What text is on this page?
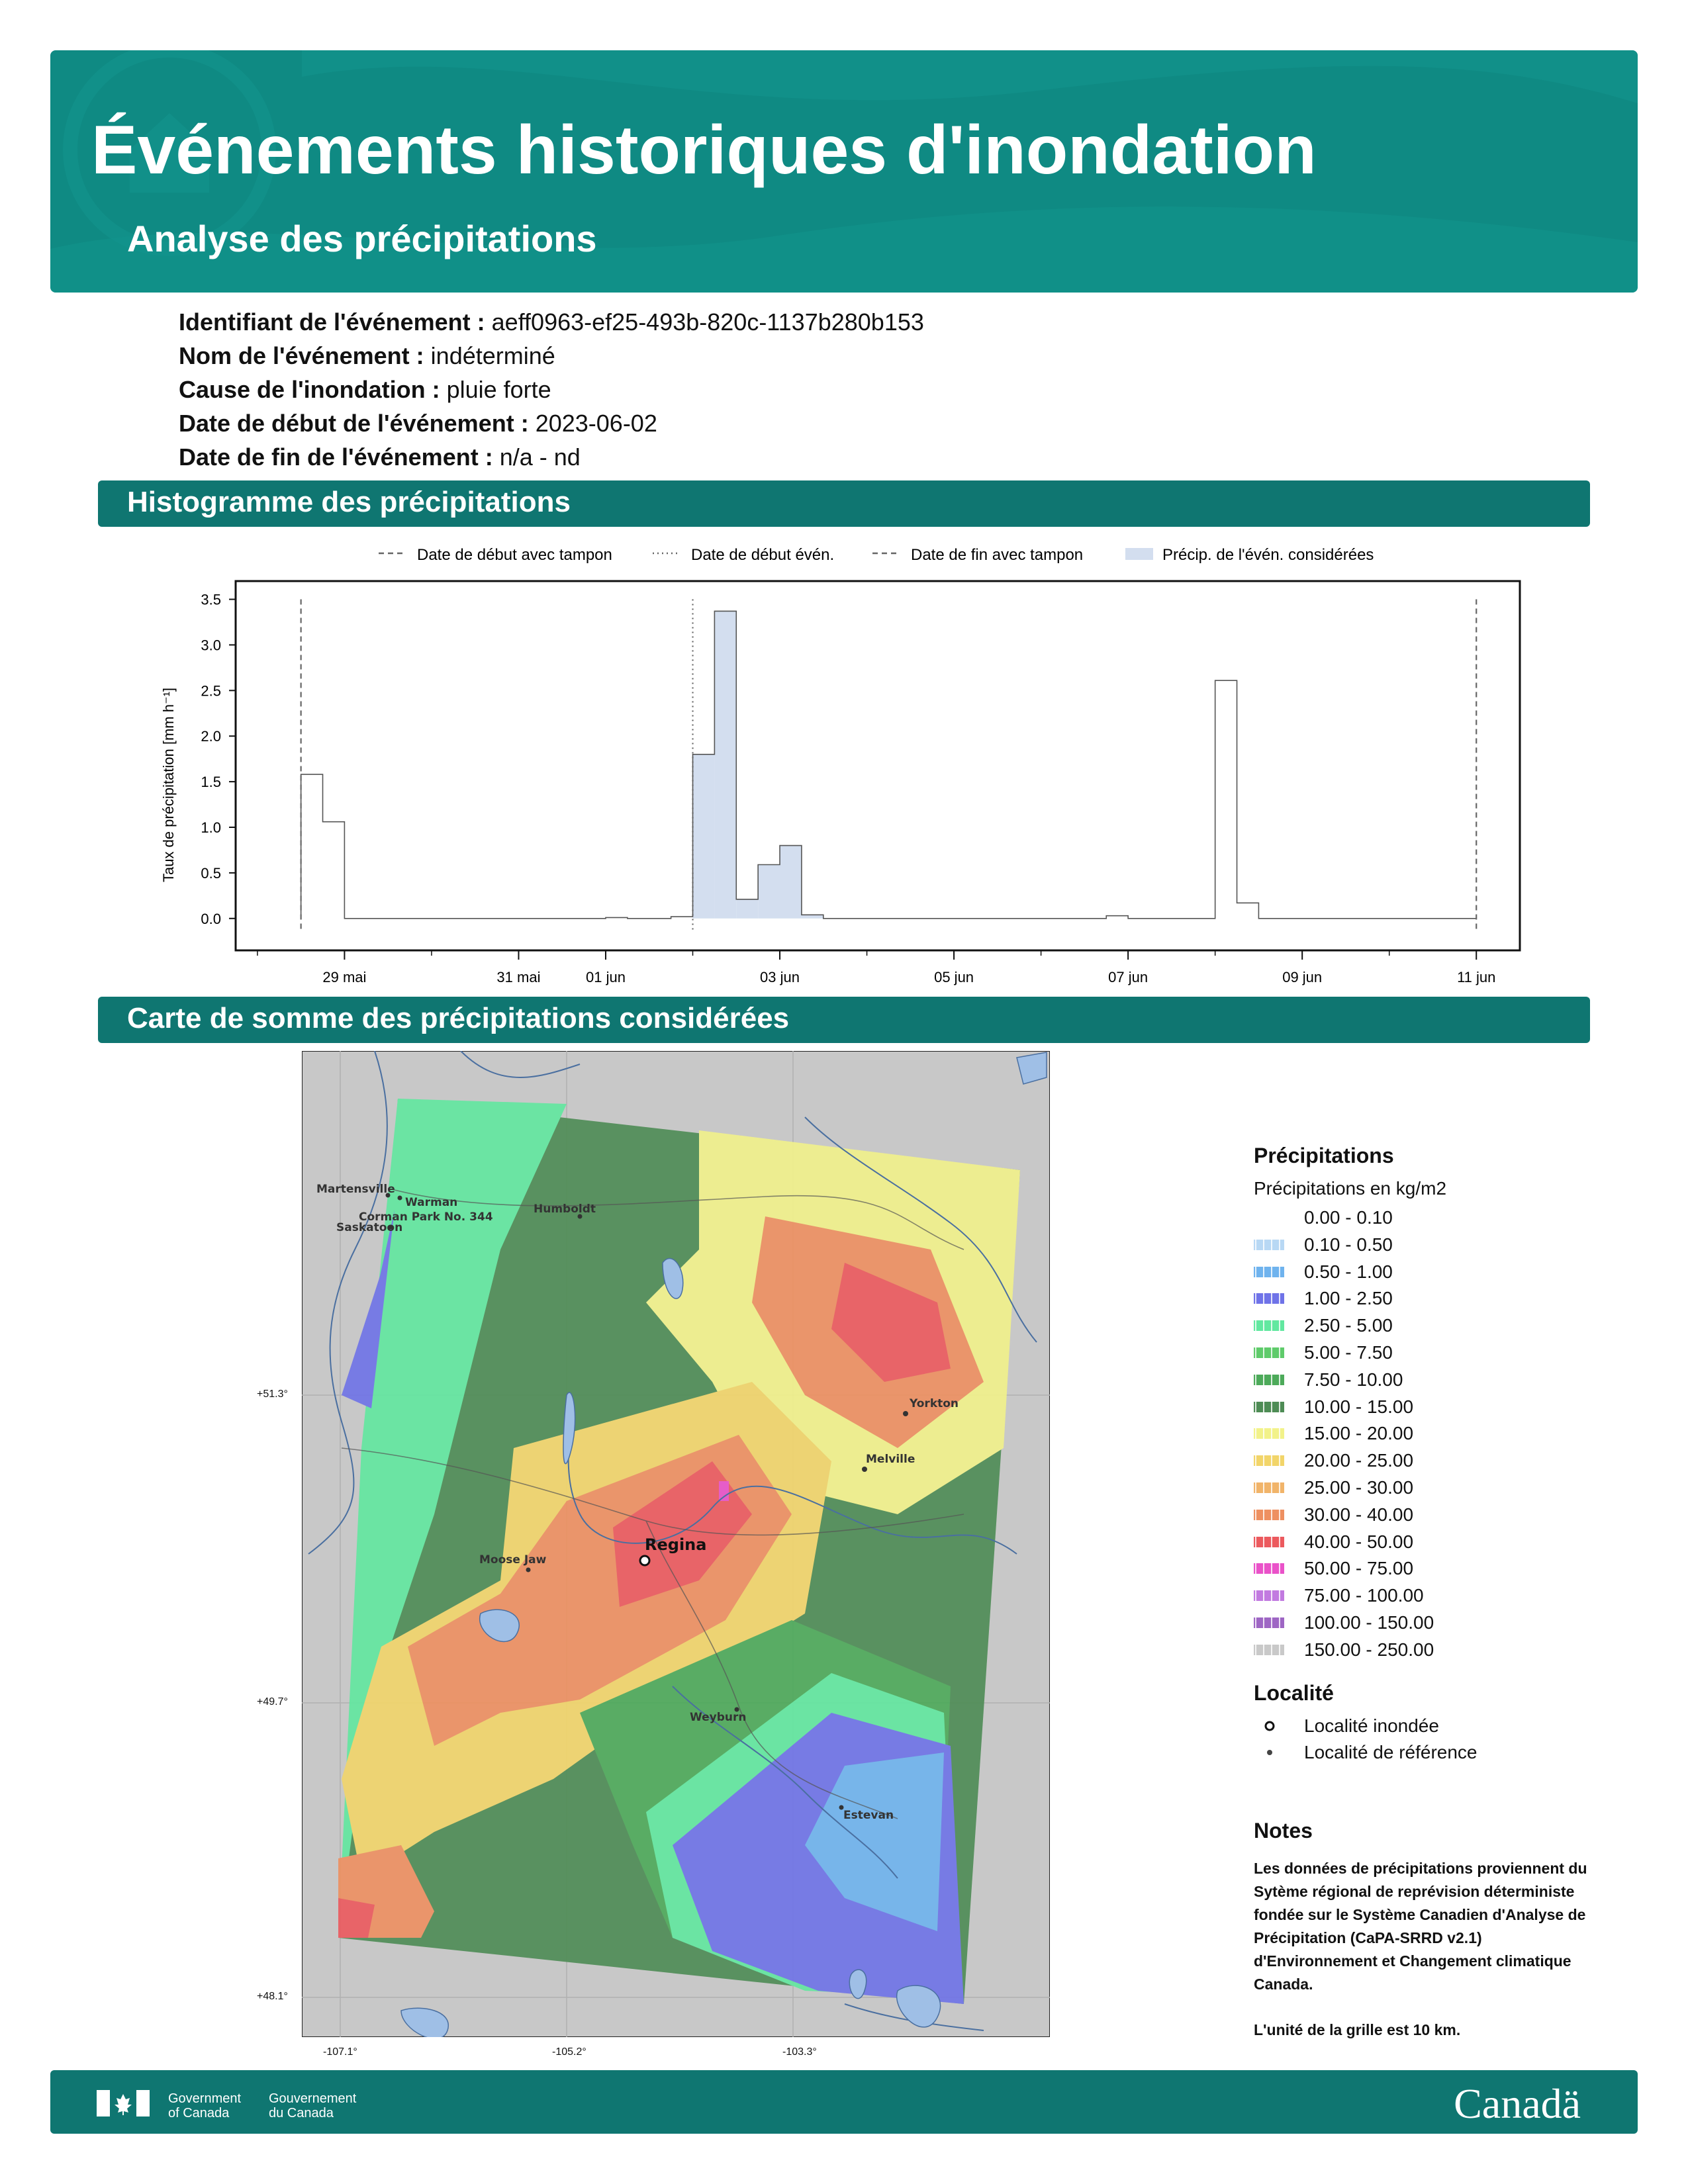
Événements historiques d'inondation
Analyse des précipitations
Identifiant de l'événement : aeff0963-ef25-493b-820c-1137b280b153
Nom de l'événement : indéterminé
Cause de l'inondation : pluie forte
Date de début de l'événement : 2023-06-02
Date de fin de l'événement : n/a - nd
Histogramme des précipitations
Date de début avec tampon	Date de début évén.	Date de fin avec tampon	Précip. de l'évén. considérées
Taux de précipitation [mm h⁻¹]
0.0
0.5
1.0
1.5
2.0
2.5
3.0
3.5
29 mai	31 mai	01 jun	03 jun	05 jun	07 jun	09 jun	11 jun
Carte de somme des précipitations considérées
Martensville
Warman
Corman Park No. 344
Saskatoon
Humboldt
Yorkton
Melville
Regina
Moose Jaw
Weyburn
Estevan
+51.3°
+49.7°
+48.1°
-107.1°	-105.2°	-103.3°
Précipitations
Précipitations en kg/m2
0.00 - 0.10
0.10 - 0.50
0.50 - 1.00
1.00 - 2.50
2.50 - 5.00
5.00 - 7.50
7.50 - 10.00
10.00 - 15.00
15.00 - 20.00
20.00 - 25.00
25.00 - 30.00
30.00 - 40.00
40.00 - 50.00
50.00 - 75.00
75.00 - 100.00
100.00 - 150.00
150.00 - 250.00
Localité
Localité inondée
Localité de référence
Notes
Les données de précipitations proviennent du Sytème régional de reprévision déterministe fondée sur le Système Canadien d'Analyse de Précipitation (CaPA-SRRD v2.1) d'Environnement et Changement climatique Canada.
L'unité de la grille est 10 km.
Government
of Canada
Gouvernement
du Canada	Canadä
